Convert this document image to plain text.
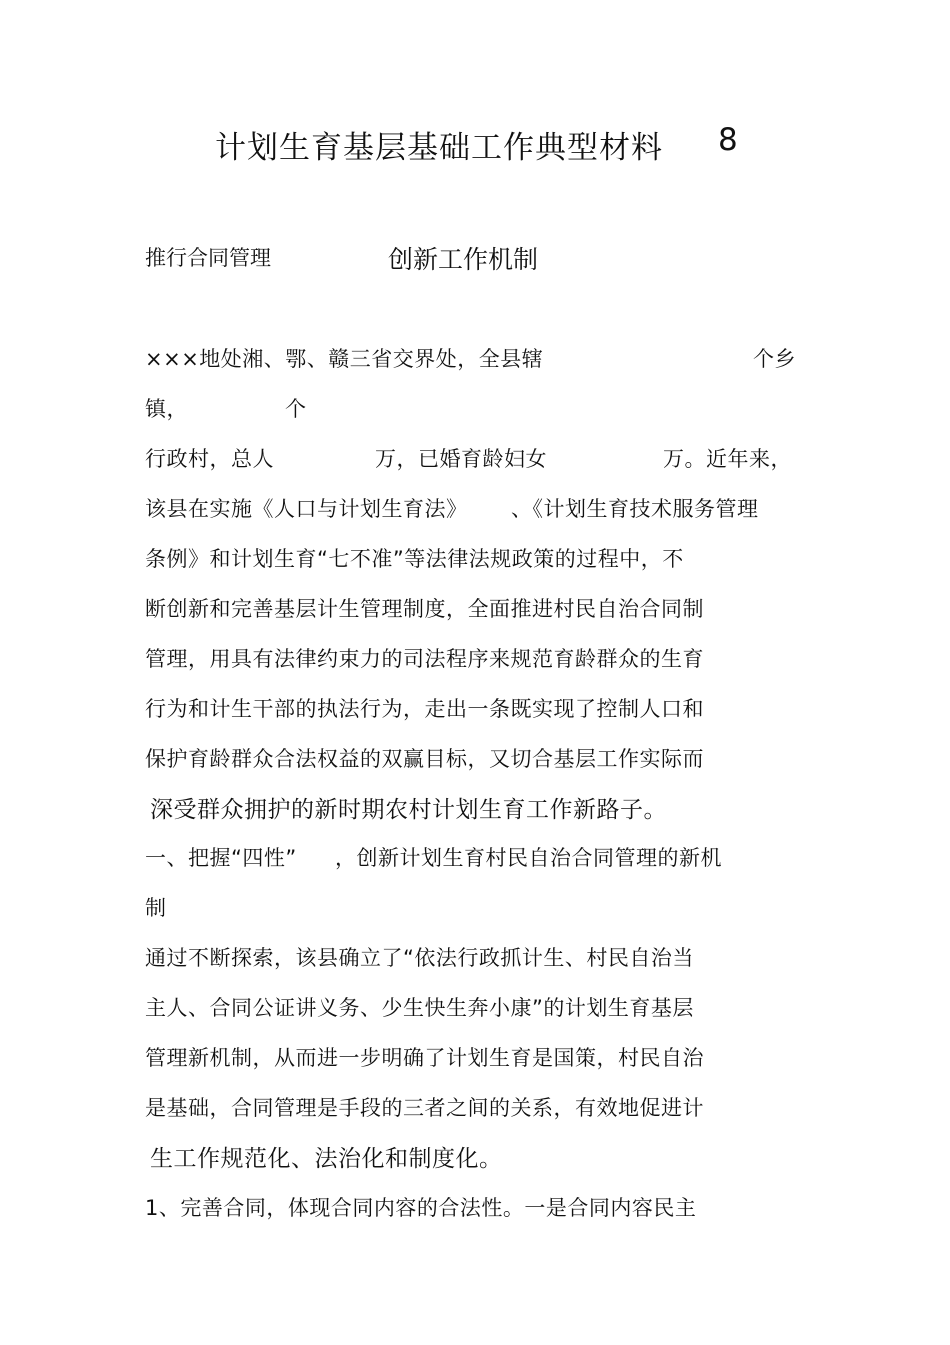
计划生育基层基础工作典型材料 8
推行合同管理	创新工作机制
×××地处湘、鄂、赣三省交界处，全县辖	个乡
镇，	个
行政村，总人	万，已婚育龄妇女	万。近年来，
该县在实施《人口与计划生育法》 、《计划生育技术服务管理
条例》和计划生育“七不准”等法律法规政策的过程中，不
断创新和完善基层计生管理制度，全面推进村民自治合同制
管理，用具有法律约束力的司法程序来规范育龄群众的生育
行为和计生干部的执法行为，走出一条既实现了控制人口和
保护育龄群众合法权益的双赢目标，又切合基层工作实际而
深受群众拥护的新时期农村计划生育工作新路子。
一、把握“四性” ，创新计划生育村民自治合同管理的新机
制
通过不断探索，该县确立了“依法行政抓计生、村民自治当
主人、合同公证讲义务、少生快生奔小康”的计划生育基层
管理新机制，从而进一步明确了计划生育是国策，村民自治
是基础，合同管理是手段的三者之间的关系，有效地促进计
生工作规范化、法治化和制度化。
1、完善合同，体现合同内容的合法性。一是合同内容民主
